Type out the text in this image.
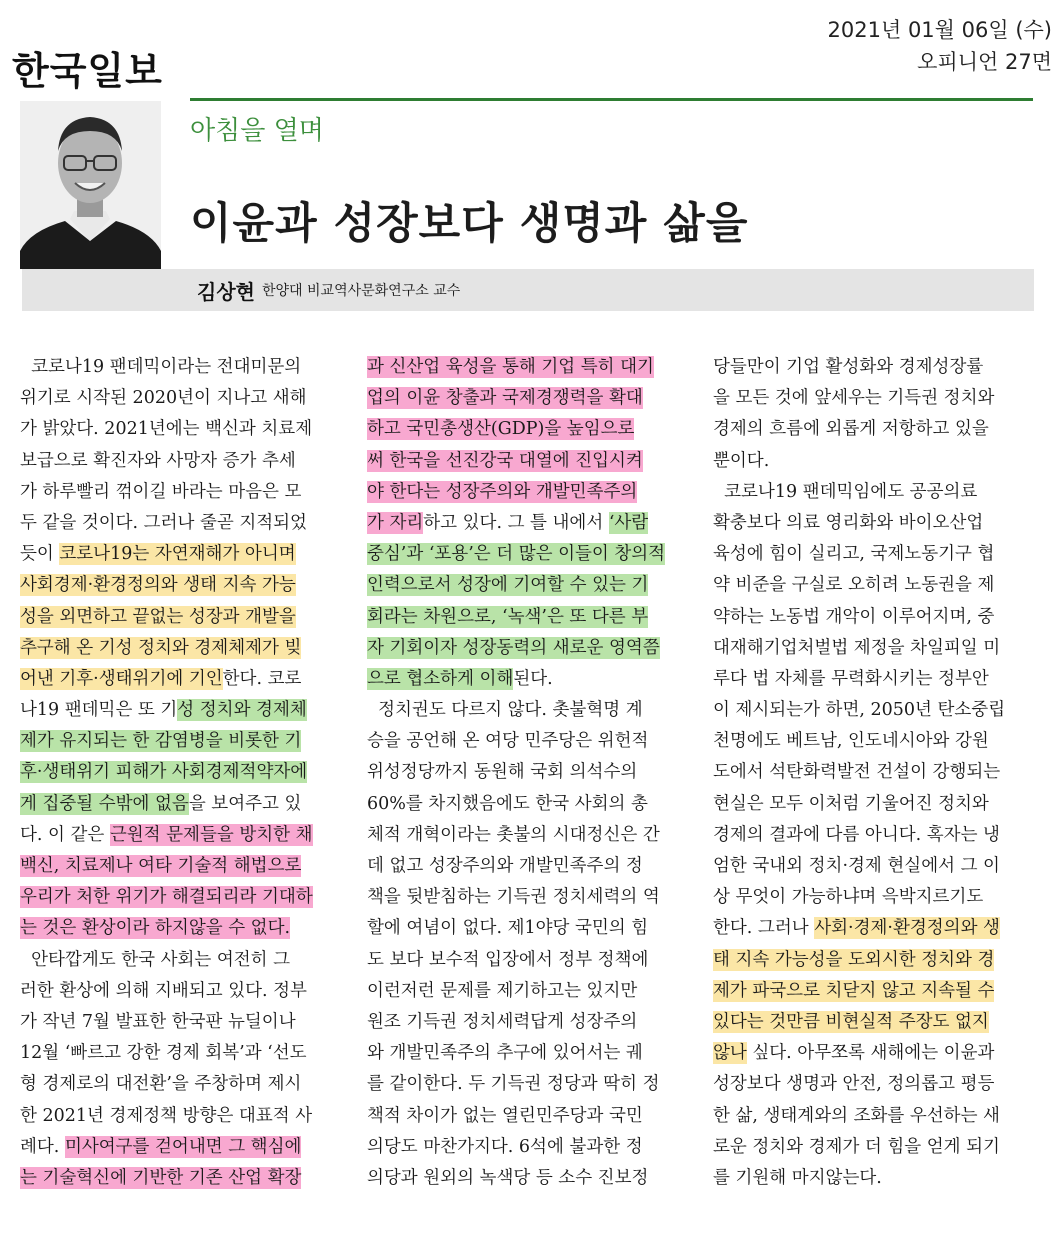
한국일보
2021년 01월 06일 (수)
오피니언 27면
아침을 열며
이윤과 성장보다 생명과 삶을
김상현 한양대 비교역사문화연구소 교수
코로나19 팬데믹이라는 전대미문의
위기로 시작된 2020년이 지나고 새해
가 밝았다. 2021년에는 백신과 치료제
보급으로 확진자와 사망자 증가 추세
가 하루빨리 꺾이길 바라는 마음은 모
두 같을 것이다. 그러나 줄곧 지적되었
듯이 코로나19는 자연재해가 아니며
사회경제·환경정의와 생태 지속 가능
성을 외면하고 끝없는 성장과 개발을
추구해 온 기성 정치와 경제체제가 빚
어낸 기후·생태위기에 기인한다. 코로
나19 팬데믹은 또 기성 정치와 경제체
제가 유지되는 한 감염병을 비롯한 기
후·생태위기 피해가 사회경제적약자에
게 집중될 수밖에 없음을 보여주고 있
다. 이 같은 근원적 문제들을 방치한 채
백신, 치료제나 여타 기술적 해법으로
우리가 처한 위기가 해결되리라 기대하
는 것은 환상이라 하지않을 수 없다.
안타깝게도 한국 사회는 여전히 그
러한 환상에 의해 지배되고 있다. 정부
가 작년 7월 발표한 한국판 뉴딜이나
12월 ‘빠르고 강한 경제 회복’과 ‘선도
형 경제로의 대전환’을 주창하며 제시
한 2021년 경제정책 방향은 대표적 사
례다. 미사여구를 걷어내면 그 핵심에
는 기술혁신에 기반한 기존 산업 확장
과 신산업 육성을 통해 기업 특히 대기
업의 이윤 창출과 국제경쟁력을 확대
하고 국민총생산(GDP)을 높임으로
써 한국을 선진강국 대열에 진입시켜
야 한다는 성장주의와 개발민족주의
가 자리하고 있다. 그 틀 내에서 ‘사람
중심’과 ‘포용’은 더 많은 이들이 창의적
인력으로서 성장에 기여할 수 있는 기
회라는 차원으로, ‘녹색’은 또 다른 부
자 기회이자 성장동력의 새로운 영역쯤
으로 협소하게 이해된다.
정치권도 다르지 않다. 촛불혁명 계
승을 공언해 온 여당 민주당은 위헌적
위성정당까지 동원해 국회 의석수의
60%를 차지했음에도 한국 사회의 총
체적 개혁이라는 촛불의 시대정신은 간
데 없고 성장주의와 개발민족주의 정
책을 뒷받침하는 기득권 정치세력의 역
할에 여념이 없다. 제1야당 국민의 힘
도 보다 보수적 입장에서 정부 정책에
이런저런 문제를 제기하고는 있지만
원조 기득권 정치세력답게 성장주의
와 개발민족주의 추구에 있어서는 궤
를 같이한다. 두 기득권 정당과 딱히 정
책적 차이가 없는 열린민주당과 국민
의당도 마찬가지다. 6석에 불과한 정
의당과 원외의 녹색당 등 소수 진보정
당들만이 기업 활성화와 경제성장률
을 모든 것에 앞세우는 기득권 정치와
경제의 흐름에 외롭게 저항하고 있을
뿐이다.
코로나19 팬데믹임에도 공공의료
확충보다 의료 영리화와 바이오산업
육성에 힘이 실리고, 국제노동기구 협
약 비준을 구실로 오히려 노동권을 제
약하는 노동법 개악이 이루어지며, 중
대재해기업처벌법 제정을 차일피일 미
루다 법 자체를 무력화시키는 정부안
이 제시되는가 하면, 2050년 탄소중립
천명에도 베트남, 인도네시아와 강원
도에서 석탄화력발전 건설이 강행되는
현실은 모두 이처럼 기울어진 정치와
경제의 결과에 다름 아니다. 혹자는 냉
엄한 국내외 정치·경제 현실에서 그 이
상 무엇이 가능하냐며 윽박지르기도
한다. 그러나 사회·경제·환경정의와 생
태 지속 가능성을 도외시한 정치와 경
제가 파국으로 치닫지 않고 지속될 수
있다는 것만큼 비현실적 주장도 없지
않나 싶다. 아무쪼록 새해에는 이윤과
성장보다 생명과 안전, 정의롭고 평등
한 삶, 생태계와의 조화를 우선하는 새
로운 정치와 경제가 더 힘을 얻게 되기
를 기원해 마지않는다.
